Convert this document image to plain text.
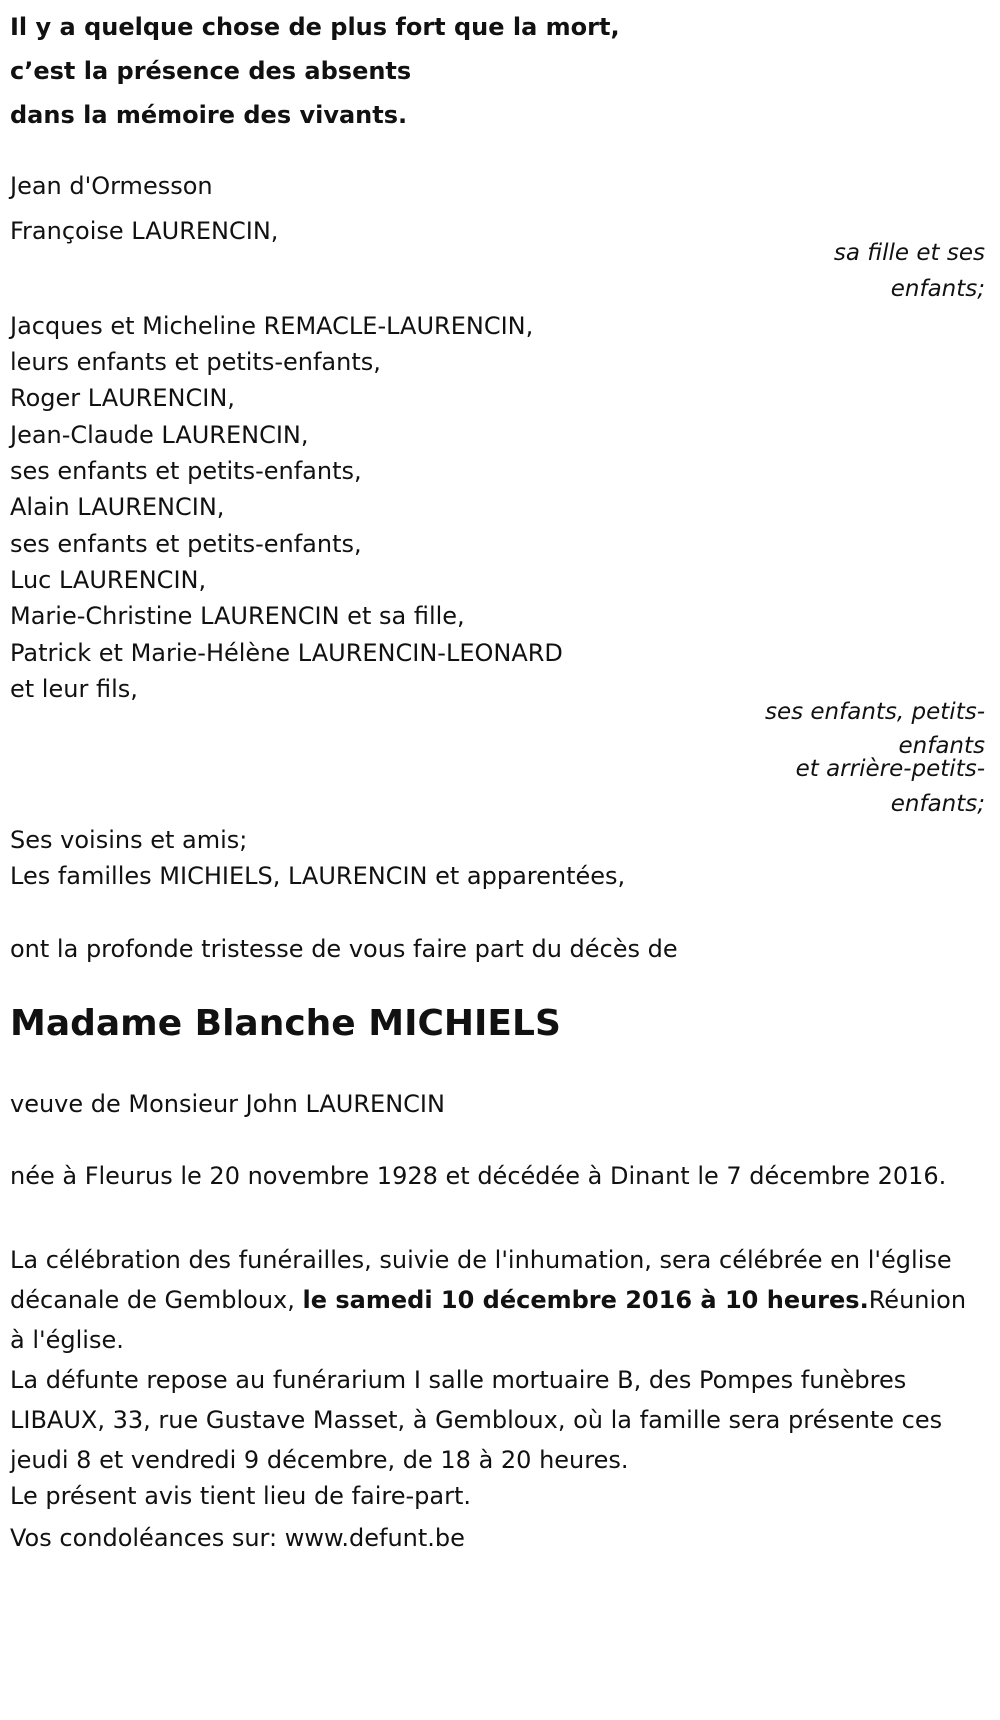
Il y a quelque chose de plus fort que la mort,
c’est la présence des absents
dans la mémoire des vivants.
Jean d'Ormesson
Françoise LAURENCIN,
sa fille et ses
enfants;
Jacques et Micheline REMACLE-LAURENCIN,
leurs enfants et petits-enfants,
Roger LAURENCIN,
Jean-Claude LAURENCIN,
ses enfants et petits-enfants,
Alain LAURENCIN,
ses enfants et petits-enfants,
Luc LAURENCIN,
Marie-Christine LAURENCIN et sa fille,
Patrick et Marie-Hélène LAURENCIN-LEONARD
et leur fils,
ses enfants, petits-
enfants
et arrière-petits-
enfants;
Ses voisins et amis;
Les familles MICHIELS, LAURENCIN et apparentées,
ont la profonde tristesse de vous faire part du décès de
Madame Blanche MICHIELS
veuve de Monsieur John LAURENCIN
née à Fleurus le 20 novembre 1928 et décédée à Dinant le 7 décembre 2016.
La célébration des funérailles, suivie de l'inhumation, sera célébrée en l'église décanale de Gembloux, le samedi 10 décembre 2016 à 10 heures.Réunion à l'église.
La défunte repose au funérarium I salle mortuaire B, des Pompes funèbres LIBAUX, 33, rue Gustave Masset, à Gembloux, où la famille sera présente ces jeudi 8 et vendredi 9 décembre, de 18 à 20 heures.
Le présent avis tient lieu de faire-part.
Vos condoléances sur: www.defunt.be
